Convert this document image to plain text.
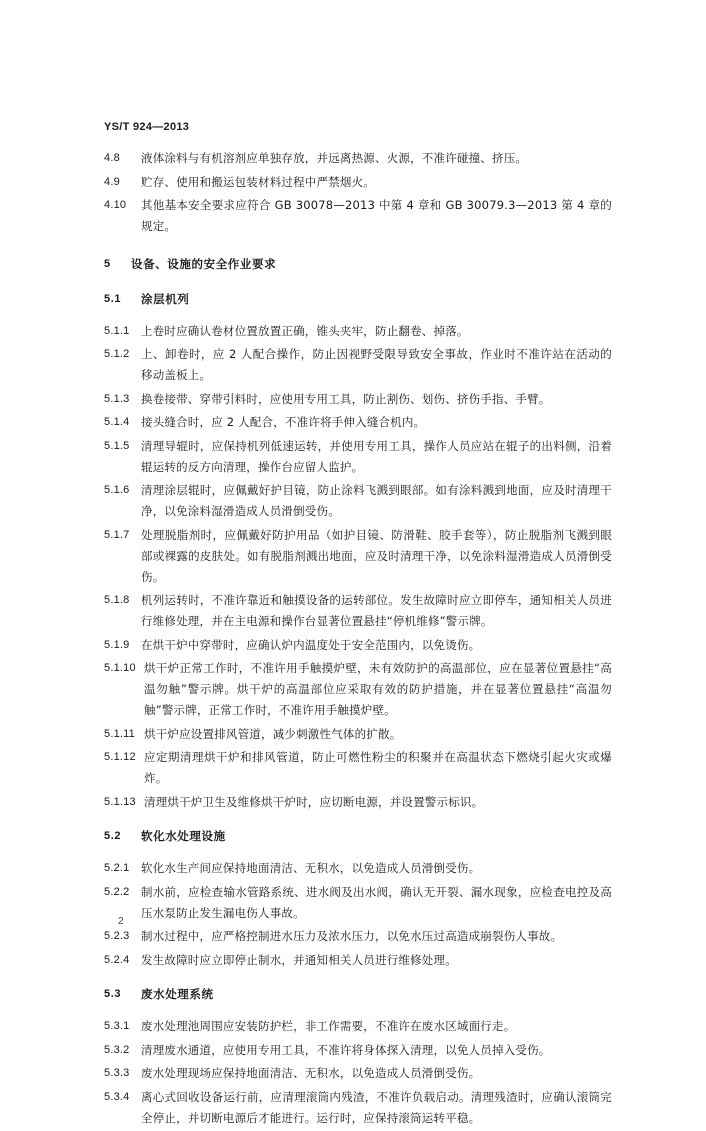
YS/T 924—2013
4.8	液体涂料与有机溶剂应单独存放，并远离热源、火源，不准许碰撞、挤压。
4.9	贮存、使用和搬运包装材料过程中严禁烟火。
4.10	其他基本安全要求应符合 GB 30078—2013 中第 4 章和 GB 30079.3—2013 第 4 章的规定。
5	设备、设施的安全作业要求
5.1	涂层机列
5.1.1	上卷时应确认卷材位置放置正确，锥头夹牢，防止翻卷、掉落。
5.1.2	上、卸卷时，应 2 人配合操作，防止因视野受限导致安全事故，作业时不准许站在活动的移动盖板上。
5.1.3	换卷接带、穿带引料时，应使用专用工具，防止割伤、划伤、挤伤手指、手臂。
5.1.4	接头缝合时，应 2 人配合，不准许将手伸入缝合机内。
5.1.5	清理导辊时，应保持机列低速运转，并使用专用工具，操作人员应站在辊子的出料侧，沿着辊运转的反方向清理，操作台应留人监护。
5.1.6	清理涂层辊时，应佩戴好护目镜，防止涂料飞溅到眼部。如有涂料溅到地面，应及时清理干净，以免涂料湿滑造成人员滑倒受伤。
5.1.7	处理脱脂剂时，应佩戴好防护用品（如护目镜、防滑鞋、胶手套等），防止脱脂剂飞溅到眼部或裸露的皮肤处。如有脱脂剂溅出地面，应及时清理干净，以免涂料湿滑造成人员滑倒受伤。
5.1.8	机列运转时，不准许靠近和触摸设备的运转部位。发生故障时应立即停车，通知相关人员进行维修处理，并在主电源和操作台显著位置悬挂“停机维修”警示牌。
5.1.9	在烘干炉中穿带时，应确认炉内温度处于安全范围内，以免烫伤。
5.1.10 烘干炉正常工作时，不准许用手触摸炉壁，未有效防护的高温部位，应在显著位置悬挂“高温勿触”警示牌。烘干炉的高温部位应采取有效的防护措施，并在显著位置悬挂“高温勿触”警示牌，正常工作时，不准许用手触摸炉壁。
5.1.11 烘干炉应设置排风管道，减少刺激性气体的扩散。
5.1.12 应定期清理烘干炉和排风管道，防止可燃性粉尘的积聚并在高温状态下燃烧引起火灾或爆炸。
5.1.13 清理烘干炉卫生及维修烘干炉时，应切断电源，并设置警示标识。
5.2	软化水处理设施
5.2.1	软化水生产间应保持地面清洁、无积水，以免造成人员滑倒受伤。
5.2.2	制水前，应检查输水管路系统、进水阀及出水阀，确认无开裂、漏水现象，应检查电控及高压水泵防止发生漏电伤人事故。
5.2.3	制水过程中，应严格控制进水压力及浓水压力，以免水压过高造成崩裂伤人事故。
5.2.4	发生故障时应立即停止制水，并通知相关人员进行维修处理。
5.3	废水处理系统
5.3.1	废水处理池周围应安装防护栏，非工作需要，不准许在废水区域面行走。
5.3.2	清理废水通道，应使用专用工具，不准许将身体探入清理，以免人员掉入受伤。
5.3.3	废水处理现场应保持地面清洁、无积水，以免造成人员滑倒受伤。
5.3.4	离心式回收设备运行前，应清理滚筒内残渣，不准许负载启动。清理残渣时，应确认滚筒完全停止，并切断电源后才能进行。运行时，应保持滚筒运转平稳。
2
